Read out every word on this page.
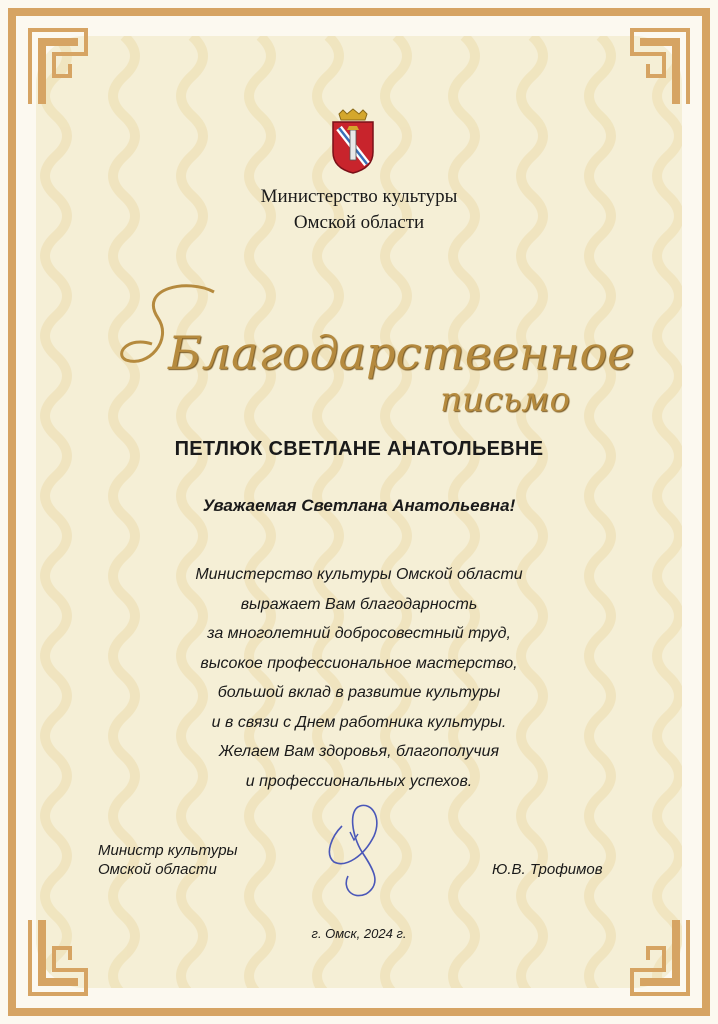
Министерство культуры
Омской области
Благодарственное
письмо
ПЕТЛЮК СВЕТЛАНЕ АНАТОЛЬЕВНЕ
Уважаемая Светлана Анатольевна!
Министерство культуры Омской области
выражает Вам благодарность
за многолетний добросовестный труд,
высокое профессиональное мастерство,
большой вклад в развитие культуры
и в связи с Днем работника культуры.
Желаем Вам здоровья, благополучия
и профессиональных успехов.
Министр культуры
Омской области	Ю.В. Трофимов
г. Омск, 2024 г.
